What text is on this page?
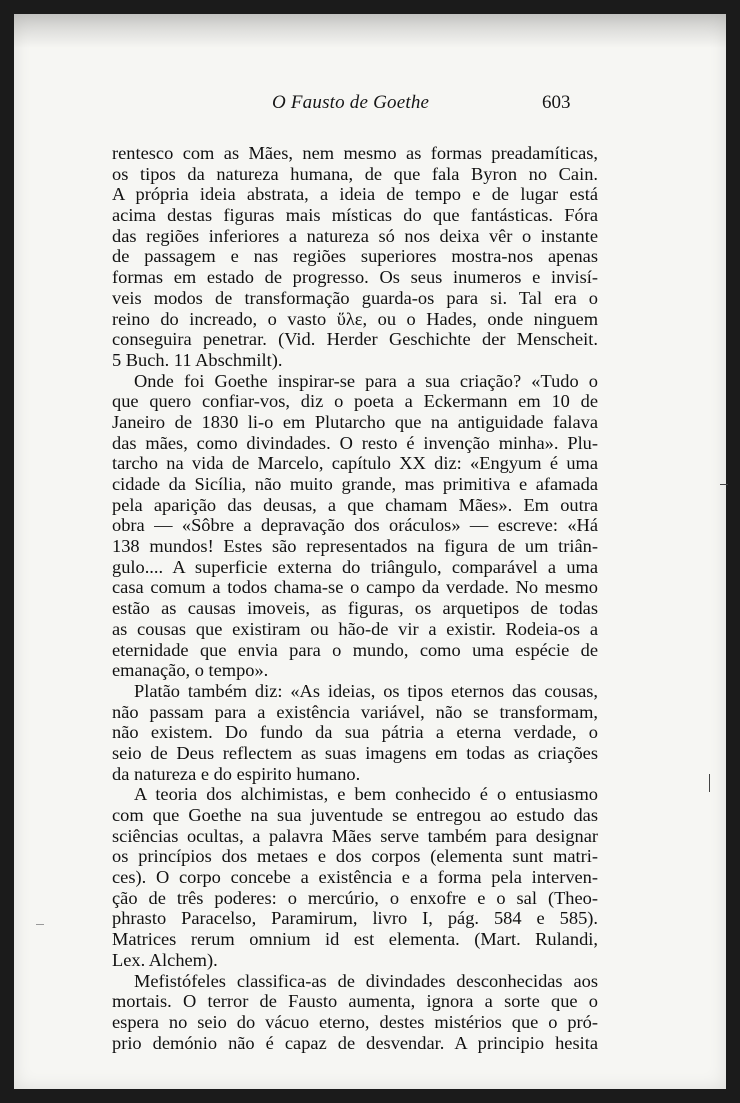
O Fausto de Goethe	603
rentesco com as Mães, nem mesmo as formas preadamíticas,
os tipos da natureza humana, de que fala Byron no Cain.
A própria ideia abstrata, a ideia de tempo e de lugar está
acima destas figuras mais místicas do que fantásticas. Fóra
das regiões inferiores a natureza só nos deixa vêr o instante
de passagem e nas regiões superiores mostra-nos apenas
formas em estado de progresso. Os seus inumeros e invisí-
veis modos de transformação guarda-os para si. Tal era o
reino do increado, o vasto ὕλε, ou o Hades, onde ninguem
conseguira penetrar. (Vid. Herder Geschichte der Menscheit.
5 Buch. 11 Abschmilt).
Onde foi Goethe inspirar-se para a sua criação? «Tudo o
que quero confiar-vos, diz o poeta a Eckermann em 10 de
Janeiro de 1830 li-o em Plutarcho que na antiguidade falava
das mães, como divindades. O resto é invenção minha». Plu-
tarcho na vida de Marcelo, capítulo XX diz: «Engyum é uma
cidade da Sicília, não muito grande, mas primitiva e afamada
pela aparição das deusas, a que chamam Mães». Em outra
obra — «Sôbre a depravação dos oráculos» — escreve: «Há
138 mundos! Estes são representados na figura de um triân-
gulo.... A superficie externa do triângulo, comparável a uma
casa comum a todos chama-se o campo da verdade. No mesmo
estão as causas imoveis, as figuras, os arquetipos de todas
as cousas que existiram ou hão-de vir a existir. Rodeia-os a
eternidade que envia para o mundo, como uma espécie de
emanação, o tempo».
Platão também diz: «As ideias, os tipos eternos das cousas,
não passam para a existência variável, não se transformam,
não existem. Do fundo da sua pátria a eterna verdade, o
seio de Deus reflectem as suas imagens em todas as criações
da natureza e do espirito humano.
A teoria dos alchimistas, e bem conhecido é o entusiasmo
com que Goethe na sua juventude se entregou ao estudo das
sciências ocultas, a palavra Mães serve também para designar
os princípios dos metaes e dos corpos (elementa sunt matri-
ces). O corpo concebe a existência e a forma pela interven-
ção de três poderes: o mercúrio, o enxofre e o sal (Theo-
phrasto Paracelso, Paramirum, livro I, pág. 584 e 585).
Matrices rerum omnium id est elementa. (Mart. Rulandi,
Lex. Alchem).
Mefistófeles classifica-as de divindades desconhecidas aos
mortais. O terror de Fausto aumenta, ignora a sorte que o
espera no seio do vácuo eterno, destes mistérios que o pró-
prio demónio não é capaz de desvendar. A principio hesita
